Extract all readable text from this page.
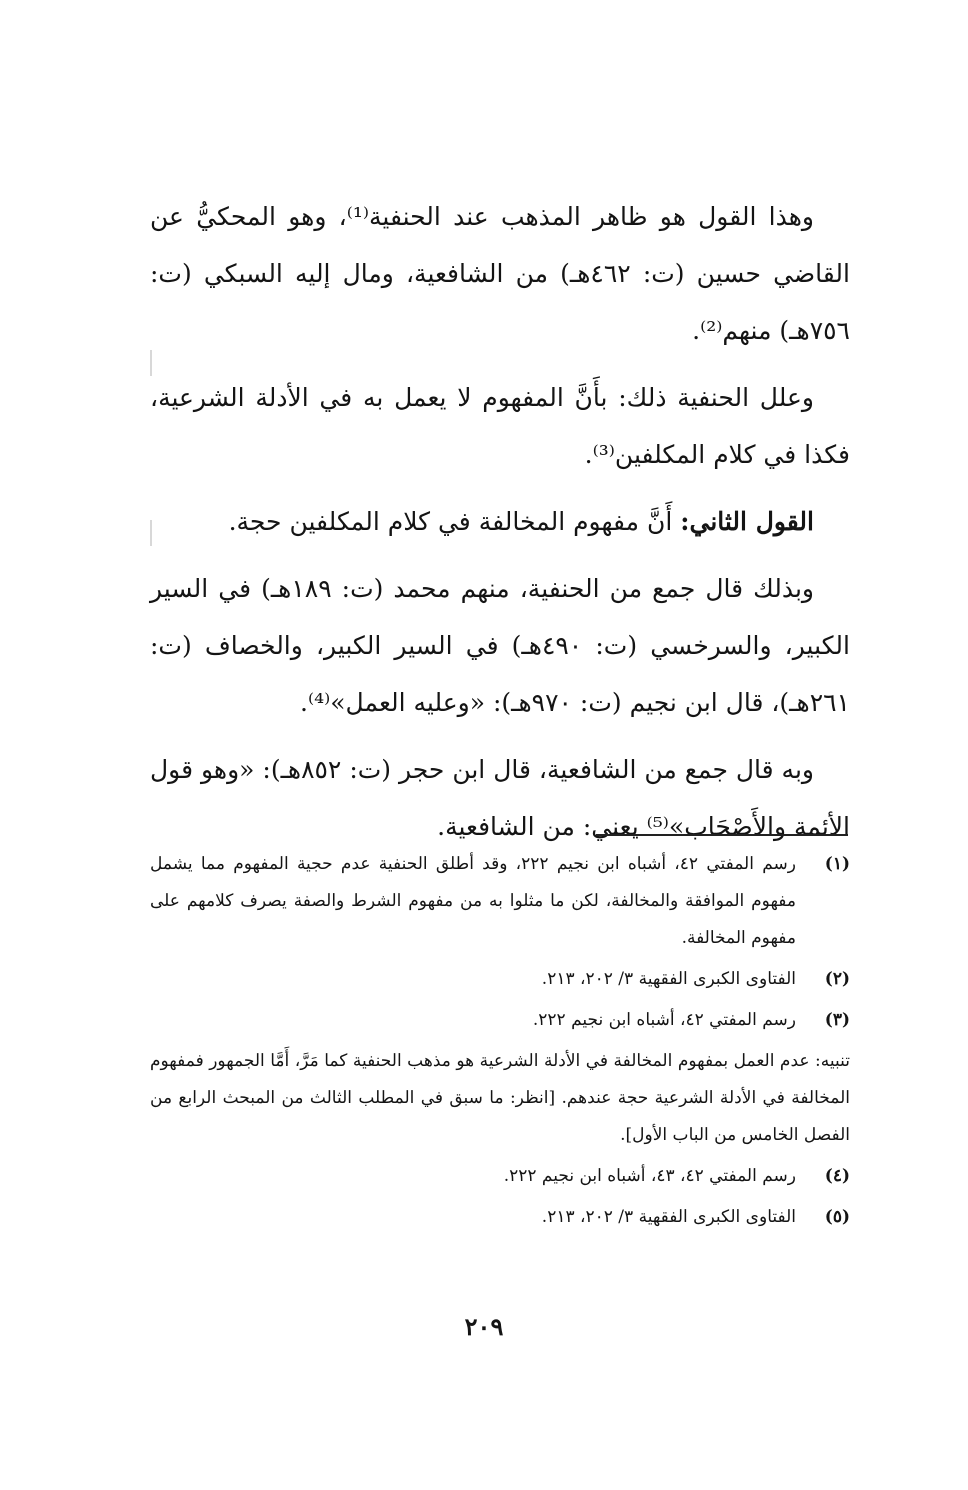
وهذا القول هو ظاهر المذهب عند الحنفية⁽¹⁾، وهو المحكيُّ عن القاضي حسين (ت: ٤٦٢هـ) من الشافعية، ومال إليه السبكي (ت: ٧٥٦هـ) منهم⁽²⁾.

وعلل الحنفية ذلك: بأَنَّ المفهوم لا يعمل به في الأدلة الشرعية، فكذا في كلام المكلفين⁽³⁾.

القول الثاني: أَنَّ مفهوم المخالفة في كلام المكلفين حجة.

وبذلك قال جمع من الحنفية، منهم محمد (ت: ١٨٩هـ) في السير الكبير، والسرخسي (ت: ٤٩٠هـ) في السير الكبير، والخصاف (ت: ٢٦١هـ)، قال ابن نجيم (ت: ٩٧٠هـ): «وعليه العمل»⁽⁴⁾.

وبه قال جمع من الشافعية، قال ابن حجر (ت: ٨٥٢هـ): «وهو قول الأئمة والأَصْحَاب»⁽⁵⁾ يعني: من الشافعية.

(١)
رسم المفتي ٤٢، أشباه ابن نجيم ٢٢٢، وقد أطلق الحنفية عدم حجية المفهوم مما يشمل مفهوم الموافقة والمخالفة، لكن ما مثلوا به من مفهوم الشرط والصفة يصرف كلامهم على مفهوم المخالفة.
(٢)
الفتاوى الكبرى الفقهية ٣/ ٢٠٢، ٢١٣.
(٣)
رسم المفتي ٤٢، أشباه ابن نجيم ٢٢٢.
تنبيه: عدم العمل بمفهوم المخالفة في الأدلة الشرعية هو مذهب الحنفية كما مَرَّ، أَمَّا الجمهور فمفهوم المخالفة في الأدلة الشرعية حجة عندهم. [انظر: ما سبق في المطلب الثالث من المبحث الرابع من الفصل الخامس من الباب الأول].
(٤)
رسم المفتي ٤٢، ٤٣، أشباه ابن نجيم ٢٢٢.
(٥)
الفتاوى الكبرى الفقهية ٣/ ٢٠٢، ٢١٣.
٢٠٩
